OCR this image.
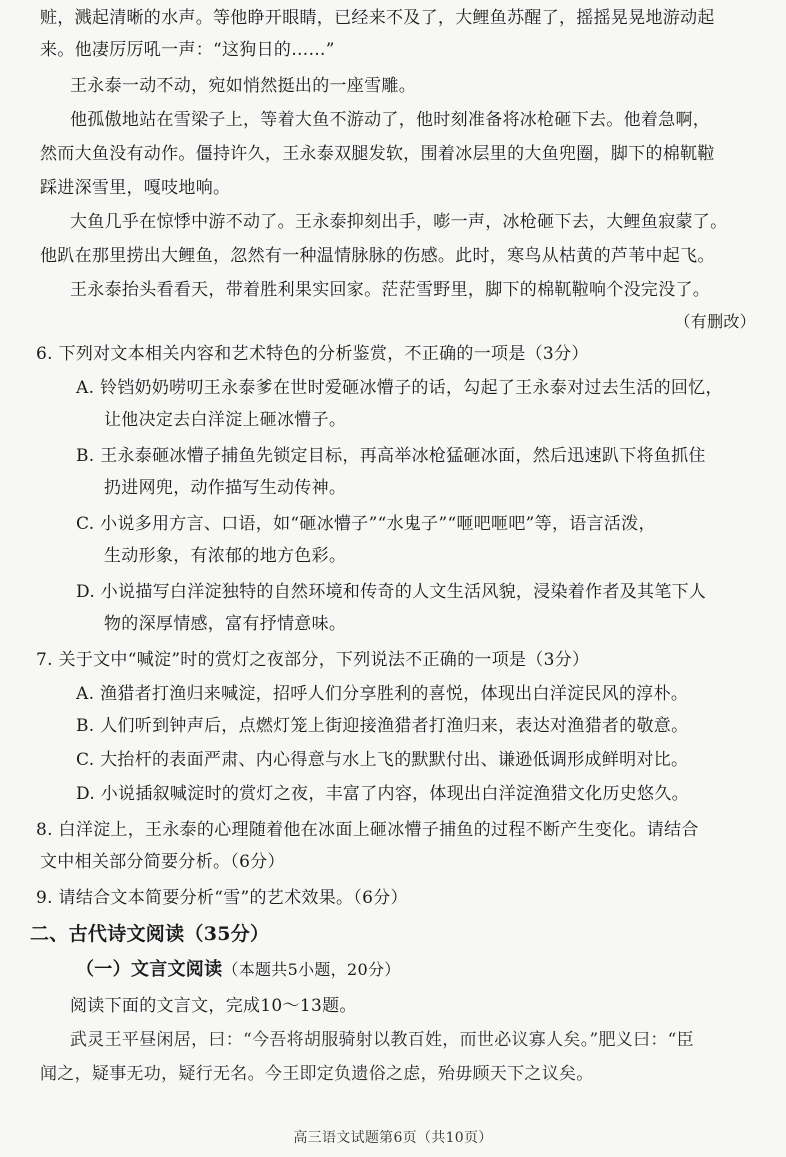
赃，溅起清晰的水声。等他睁开眼睛，已经来不及了，大鲤鱼苏醒了，摇摇晃晃地游动起
来。他凄厉厉吼一声：“这狗日的……”
王永泰一动不动，宛如悄然挺出的一座雪雕。
他孤傲地站在雪梁子上，等着大鱼不游动了，他时刻准备将冰枪砸下去。他着急啊，
然而大鱼没有动作。僵持许久，王永泰双腿发软，围着冰层里的大鱼兜圈，脚下的棉靰鞡
踩进深雪里，嘎吱地响。
大鱼几乎在惊悸中游不动了。王永泰抑刻出手，嘭一声，冰枪砸下去，大鲤鱼寂蒙了。
他趴在那里捞出大鲤鱼，忽然有一种温情脉脉的伤感。此时，寒鸟从枯黄的芦苇中起飞。
王永泰抬头看看天，带着胜利果实回家。茫茫雪野里，脚下的棉靰鞡响个没完没了。
（有删改）
6. 下列对文本相关内容和艺术特色的分析鉴赏，不正确的一项是（3分）
A. 铃铛奶奶唠叨王永泰爹在世时爱砸冰懵子的话，勾起了王永泰对过去生活的回忆，
让他决定去白洋淀上砸冰懵子。
B. 王永泰砸冰懵子捕鱼先锁定目标，再高举冰枪猛砸冰面，然后迅速趴下将鱼抓住
扔进网兜，动作描写生动传神。
C. 小说多用方言、口语，如“砸冰懵子”“水鬼子”“咂吧咂吧”等，语言活泼，
生动形象，有浓郁的地方色彩。
D. 小说描写白洋淀独特的自然环境和传奇的人文生活风貌，浸染着作者及其笔下人
物的深厚情感，富有抒情意味。
7. 关于文中“喊淀”时的赏灯之夜部分，下列说法不正确的一项是（3分）
A. 渔猎者打渔归来喊淀，招呼人们分享胜利的喜悦，体现出白洋淀民风的淳朴。
B. 人们听到钟声后，点燃灯笼上街迎接渔猎者打渔归来，表达对渔猎者的敬意。
C. 大抬杆的表面严肃、内心得意与水上飞的默默付出、谦逊低调形成鲜明对比。
D. 小说插叙喊淀时的赏灯之夜，丰富了内容，体现出白洋淀渔猎文化历史悠久。
8. 白洋淀上，王永泰的心理随着他在冰面上砸冰懵子捕鱼的过程不断产生变化。请结合
文中相关部分简要分析。（6分）
9. 请结合文本简要分析“雪”的艺术效果。（6分）
二、古代诗文阅读（35分）
（一）文言文阅读（本题共5小题，20分）
阅读下面的文言文，完成10～13题。
武灵王平昼闲居，曰：“今吾将胡服骑射以教百姓，而世必议寡人矣。”肥义曰：“臣
闻之，疑事无功，疑行无名。今王即定负遗俗之虑，殆毋顾天下之议矣。
高三语文试题第6页（共10页）
